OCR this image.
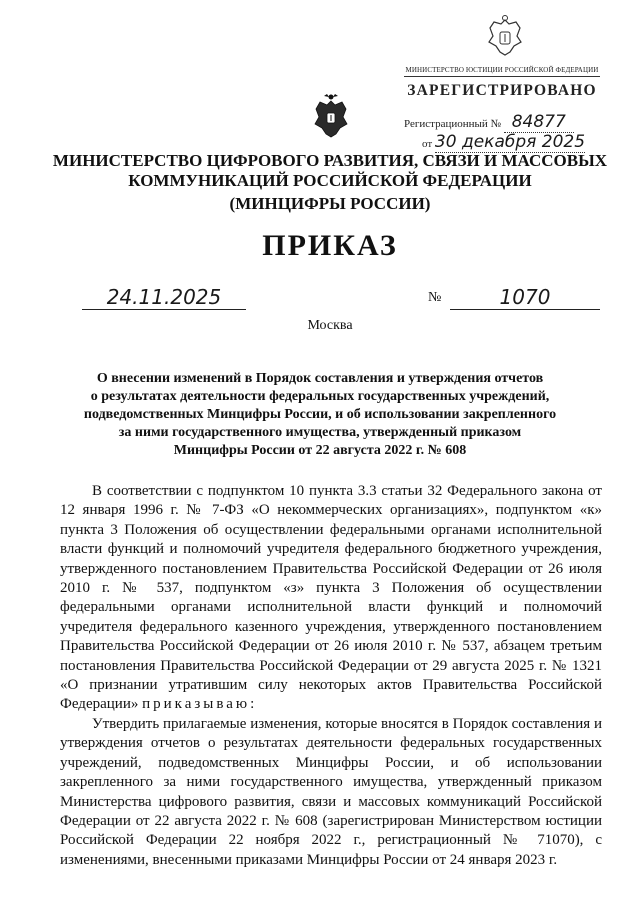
МИНИСТЕРСТВО ЮСТИЦИИ РОССИЙСКОЙ ФЕДЕРАЦИИ
ЗАРЕГИСТРИРОВАНО
Регистрационный № 84877
от 30 декабря 2025
МИНИСТЕРСТВО ЦИФРОВОГО РАЗВИТИЯ, СВЯЗИ И МАССОВЫХ
КОММУНИКАЦИЙ РОССИЙСКОЙ ФЕДЕРАЦИИ
(МИНЦИФРЫ РОССИИ)
ПРИКАЗ
24.11.2025	№	1070
Москва
О внесении изменений в Порядок составления и утверждения отчетов
о результатах деятельности федеральных государственных учреждений,
подведомственных Минцифры России, и об использовании закрепленного
за ними государственного имущества, утвержденный приказом
Минцифры России от 22 августа 2022 г. № 608

В соответствии с подпунктом 10 пункта 3.3 статьи 32 Федерального закона от 12 января 1996 г. № 7-ФЗ «О некоммерческих организациях», подпунктом «к» пункта 3 Положения об осуществлении федеральными органами исполнительной власти функций и полномочий учредителя федерального бюджетного учреждения, утвержденного постановлением Правительства Российской Федерации от 26 июля 2010 г. № 537, подпунктом «з» пункта 3 Положения об осуществлении федеральными органами исполнительной власти функций и полномочий учредителя федерального казенного учреждения, утвержденного постановлением Правительства Российской Федерации от 26 июля 2010 г. № 537, абзацем третьим постановления Правительства Российской Федерации от 29 августа 2025 г. № 1321 «О признании утратившим силу некоторых актов Правительства Российской Федерации» приказываю:

Утвердить прилагаемые изменения, которые вносятся в Порядок составления и утверждения отчетов о результатах деятельности федеральных государственных учреждений, подведомственных Минцифры России, и об использовании закрепленного за ними государственного имущества, утвержденный приказом Министерства цифрового развития, связи и массовых коммуникаций Российской Федерации от 22 августа 2022 г. № 608 (зарегистрирован Министерством юстиции Российской Федерации 22 ноября 2022 г., регистрационный № 71070), с изменениями, внесенными приказами Минцифры России от 24 января 2023 г.
